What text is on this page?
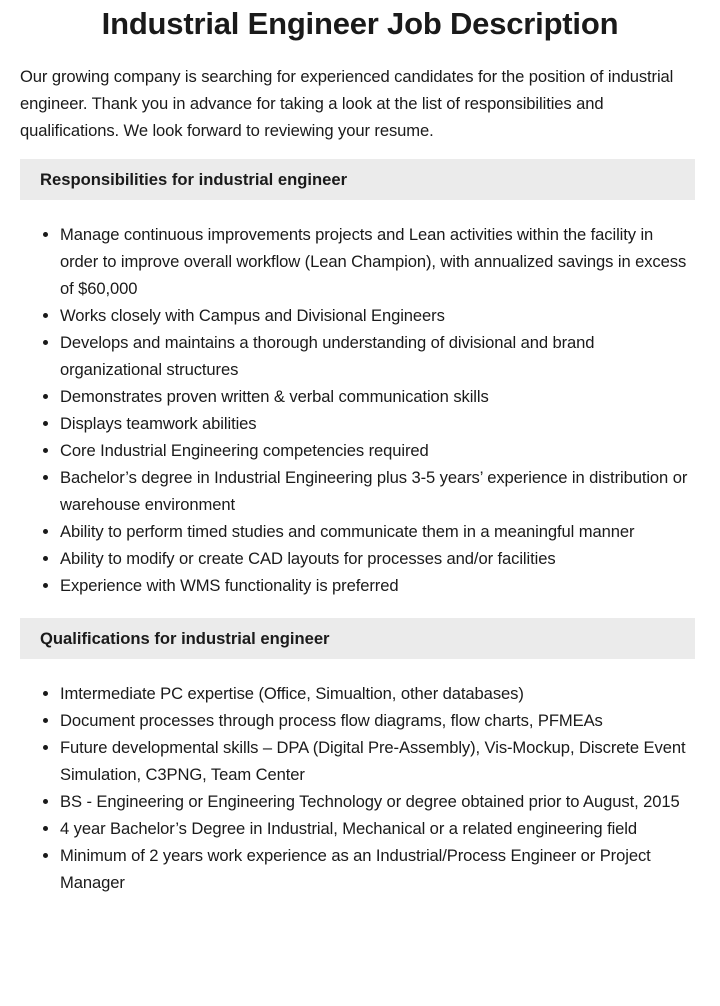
Industrial Engineer Job Description

Our growing company is searching for experienced candidates for the position of industrial engineer. Thank you in advance for taking a look at the list of responsibilities and qualifications. We look forward to reviewing your resume.

Responsibilities for industrial engineer
• Manage continuous improvements projects and Lean activities within the facility in order to improve overall workflow (Lean Champion), with annualized savings in excess of $60,000
• Works closely with Campus and Divisional Engineers
• Develops and maintains a thorough understanding of divisional and brand organizational structures
• Demonstrates proven written & verbal communication skills
• Displays teamwork abilities
• Core Industrial Engineering competencies required
• Bachelor’s degree in Industrial Engineering plus 3-5 years’ experience in distribution or warehouse environment
• Ability to perform timed studies and communicate them in a meaningful manner
• Ability to modify or create CAD layouts for processes and/or facilities
• Experience with WMS functionality is preferred
Qualifications for industrial engineer
• Imtermediate PC expertise (Office, Simualtion, other databases)
• Document processes through process flow diagrams, flow charts, PFMEAs
• Future developmental skills – DPA (Digital Pre-Assembly), Vis-Mockup, Discrete Event Simulation, C3PNG, Team Center
• BS - Engineering or Engineering Technology or degree obtained prior to August, 2015
• 4 year Bachelor’s Degree in Industrial, Mechanical or a related engineering field
• Minimum of 2 years work experience as an Industrial/Process Engineer or Project Manager
